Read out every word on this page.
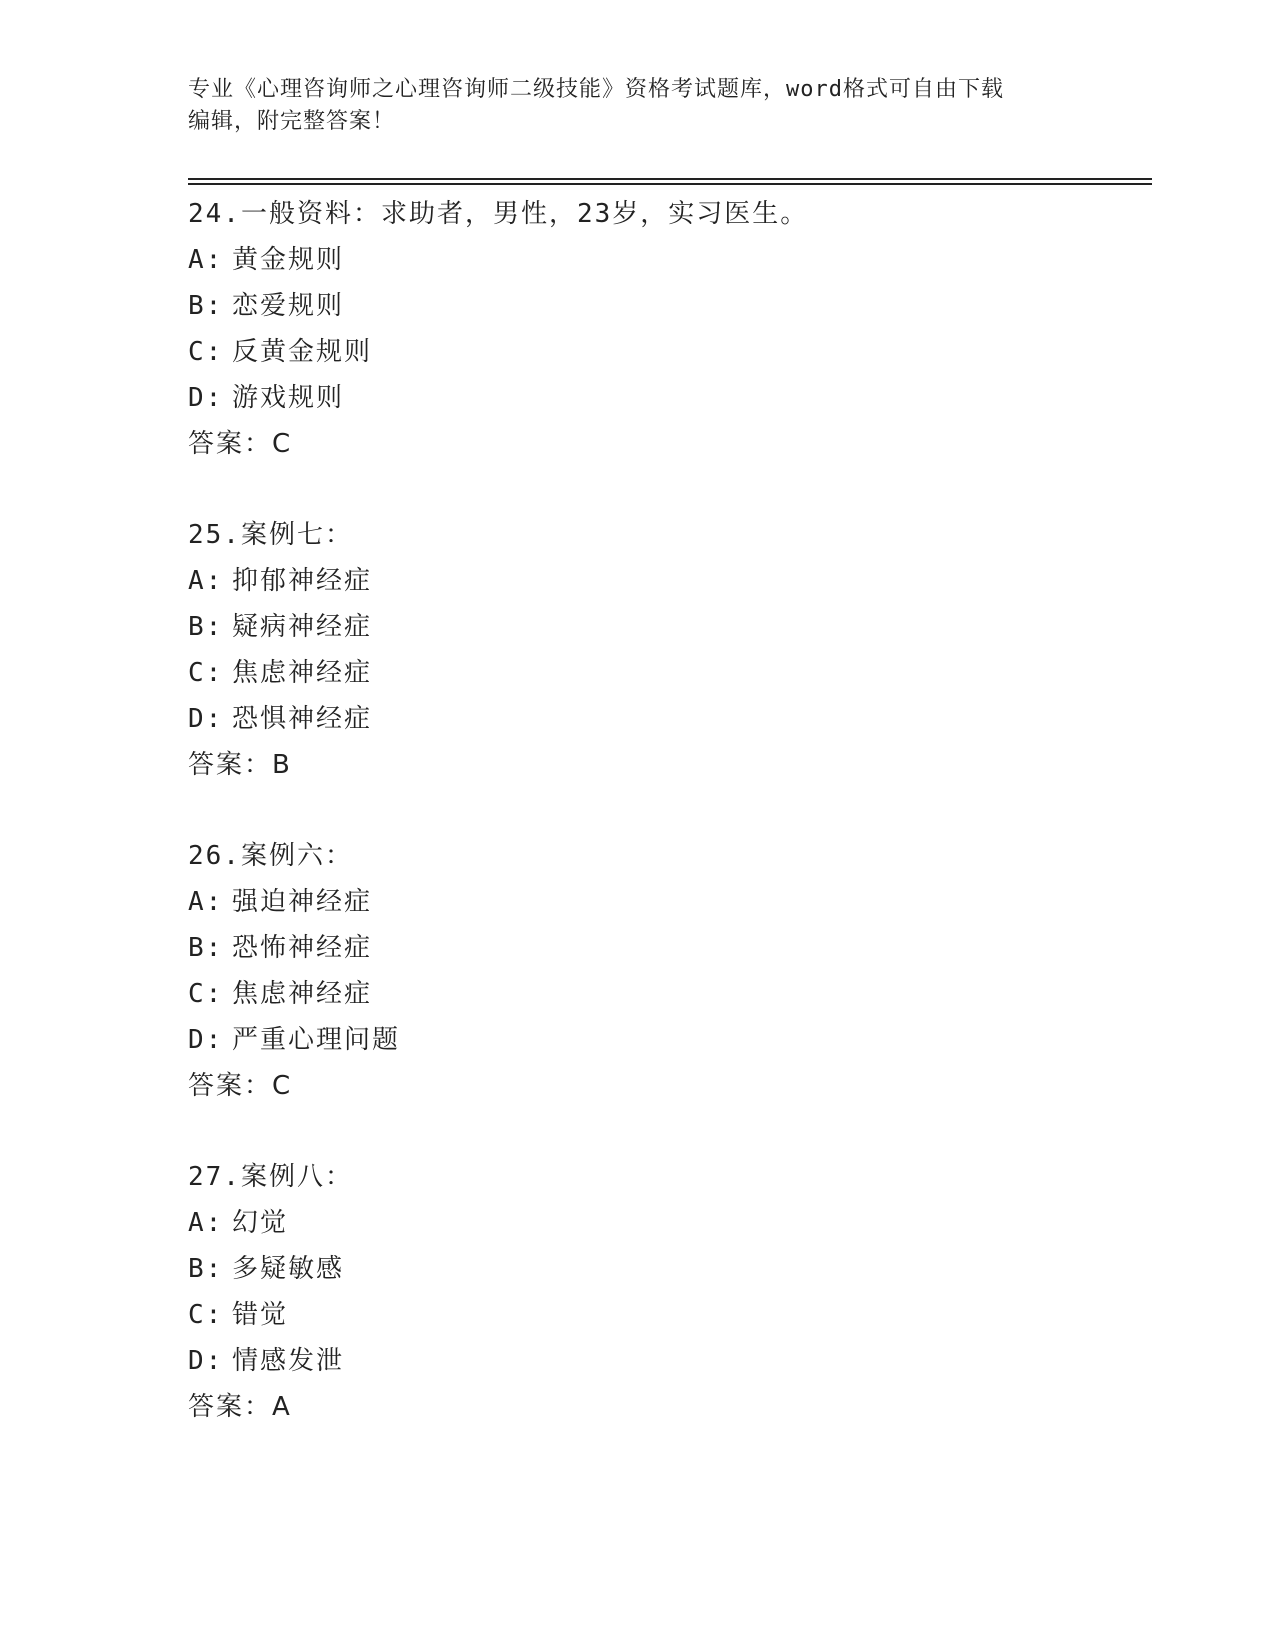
专业《心理咨询师之心理咨询师二级技能》资格考试题库，word格式可自由下载
编辑，附完整答案！
24.一般资料：求助者，男性，23岁，实习医生。
A: 黄金规则
B: 恋爱规则
C: 反黄金规则
D: 游戏规则
答案：C
25.案例七：
A: 抑郁神经症
B: 疑病神经症
C: 焦虑神经症
D: 恐惧神经症
答案：B
26.案例六：
A: 强迫神经症
B: 恐怖神经症
C: 焦虑神经症
D: 严重心理问题
答案：C
27.案例八：
A: 幻觉
B: 多疑敏感
C: 错觉
D: 情感发泄
答案：A
